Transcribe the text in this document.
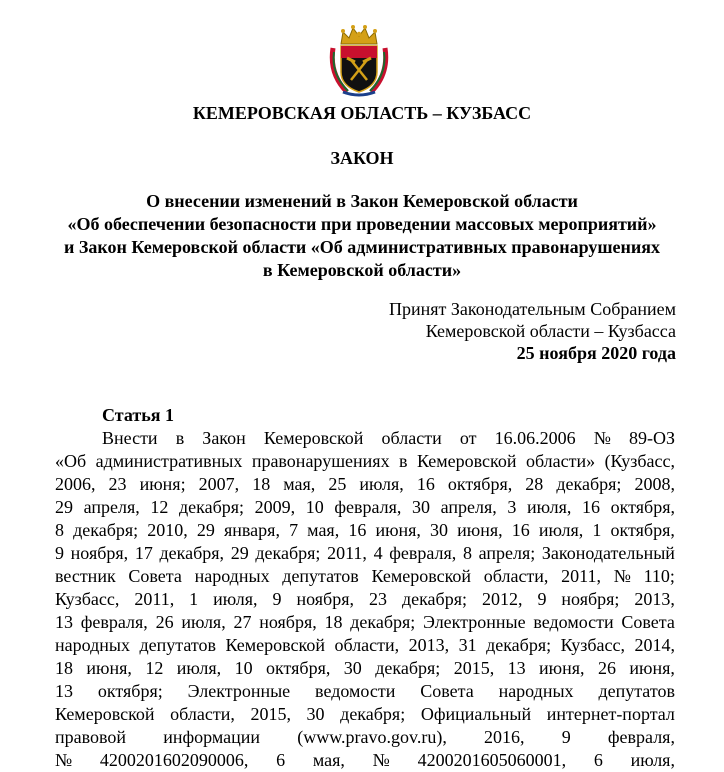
КЕМЕРОВСКАЯ ОБЛАСТЬ – КУЗБАСС
ЗАКОН
О внесении изменений в Закон Кемеровской области
«Об обеспечении безопасности при проведении массовых мероприятий»
и Закон Кемеровской области «Об административных правонарушениях
в Кемеровской области»
Принят Законодательным Собранием
Кемеровской области – Кузбасса
25 ноября 2020 года
Статья 1
Внести в Закон Кемеровской области от 16.06.2006 № 89-ОЗ
«Об административных правонарушениях в Кемеровской области» (Кузбасс,
2006, 23 июня; 2007, 18 мая, 25 июля, 16 октября, 28 декабря; 2008,
29 апреля, 12 декабря; 2009, 10 февраля, 30 апреля, 3 июля, 16 октября,
8 декабря; 2010, 29 января, 7 мая, 16 июня, 30 июня, 16 июля, 1 октября,
9 ноября, 17 декабря, 29 декабря; 2011, 4 февраля, 8 апреля; Законодательный
вестник Совета народных депутатов Кемеровской области, 2011, № 110;
Кузбасс, 2011, 1 июля, 9 ноября, 23 декабря; 2012, 9 ноября; 2013,
13 февраля, 26 июля, 27 ноября, 18 декабря; Электронные ведомости Совета
народных депутатов Кемеровской области, 2013, 31 декабря; Кузбасс, 2014,
18 июня, 12 июля, 10 октября, 30 декабря; 2015, 13 июня, 26 июня,
13 октября; Электронные ведомости Совета народных депутатов
Кемеровской области, 2015, 30 декабря; Официальный интернет-портал
правовой информации (www.pravo.gov.ru), 2016, 9 февраля,
№ 4200201602090006, 6 мая, № 4200201605060001, 6 июля,
